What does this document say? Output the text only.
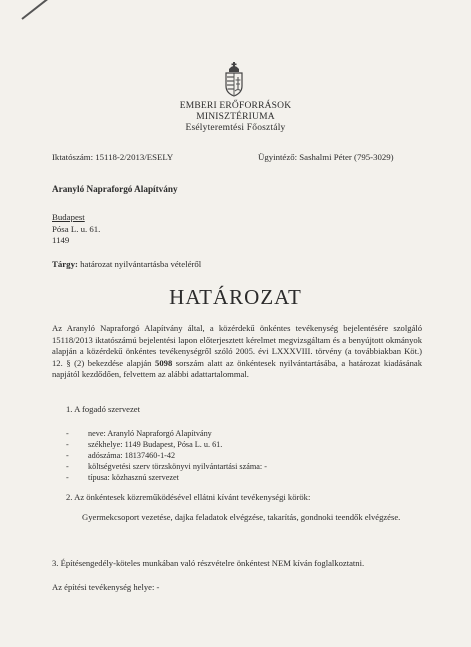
EMBERI ERŐFORRÁSOK
MINISZTÉRIUMA
Esélyteremtési Főosztály
Iktatószám: 15118-2/2013/ESELY	Ügyintéző: Sashalmi Péter (795-3029)
Aranyló Napraforgó Alapítvány
Budapest
Pósa L. u. 61.
1149
Tárgy: határozat nyilvántartásba vételéről
HATÁROZAT
Az Aranyló Napraforgó Alapítvány által, a közérdekű önkéntes tevékenység bejelentésére szolgáló 15118/2013 iktatószámú bejelentési lapon előterjesztett kérelmet megvizsgáltam és a benyújtott okmányok alapján a közérdekű önkéntes tevékenységről szóló 2005. évi LXXXVIII. törvény (a továbbiakban Köt.) 12. § (2) bekezdése alapján 5098 sorszám alatt az önkéntesek nyilvántartásába, a határozat kiadásának napjától kezdődően, felvettem az alábbi adattartalommal.
1. A fogadó szervezet
- neve: Aranyló Napraforgó Alapítvány
- székhelye: 1149 Budapest, Pósa L. u. 61.
- adószáma: 18137460-1-42
- költségvetési szerv törzskönyvi nyilvántartási száma: -
- típusa: közhasznú szervezet
2. Az önkéntesek közreműködésével ellátni kívánt tevékenységi körök:
Gyermekcsoport vezetése, dajka feladatok elvégzése, takarítás, gondnoki teendők elvégzése.
3. Építésengedély-köteles munkában való részvételre önkéntest NEM kíván foglalkoztatni.
Az építési tevékenység helye: -
